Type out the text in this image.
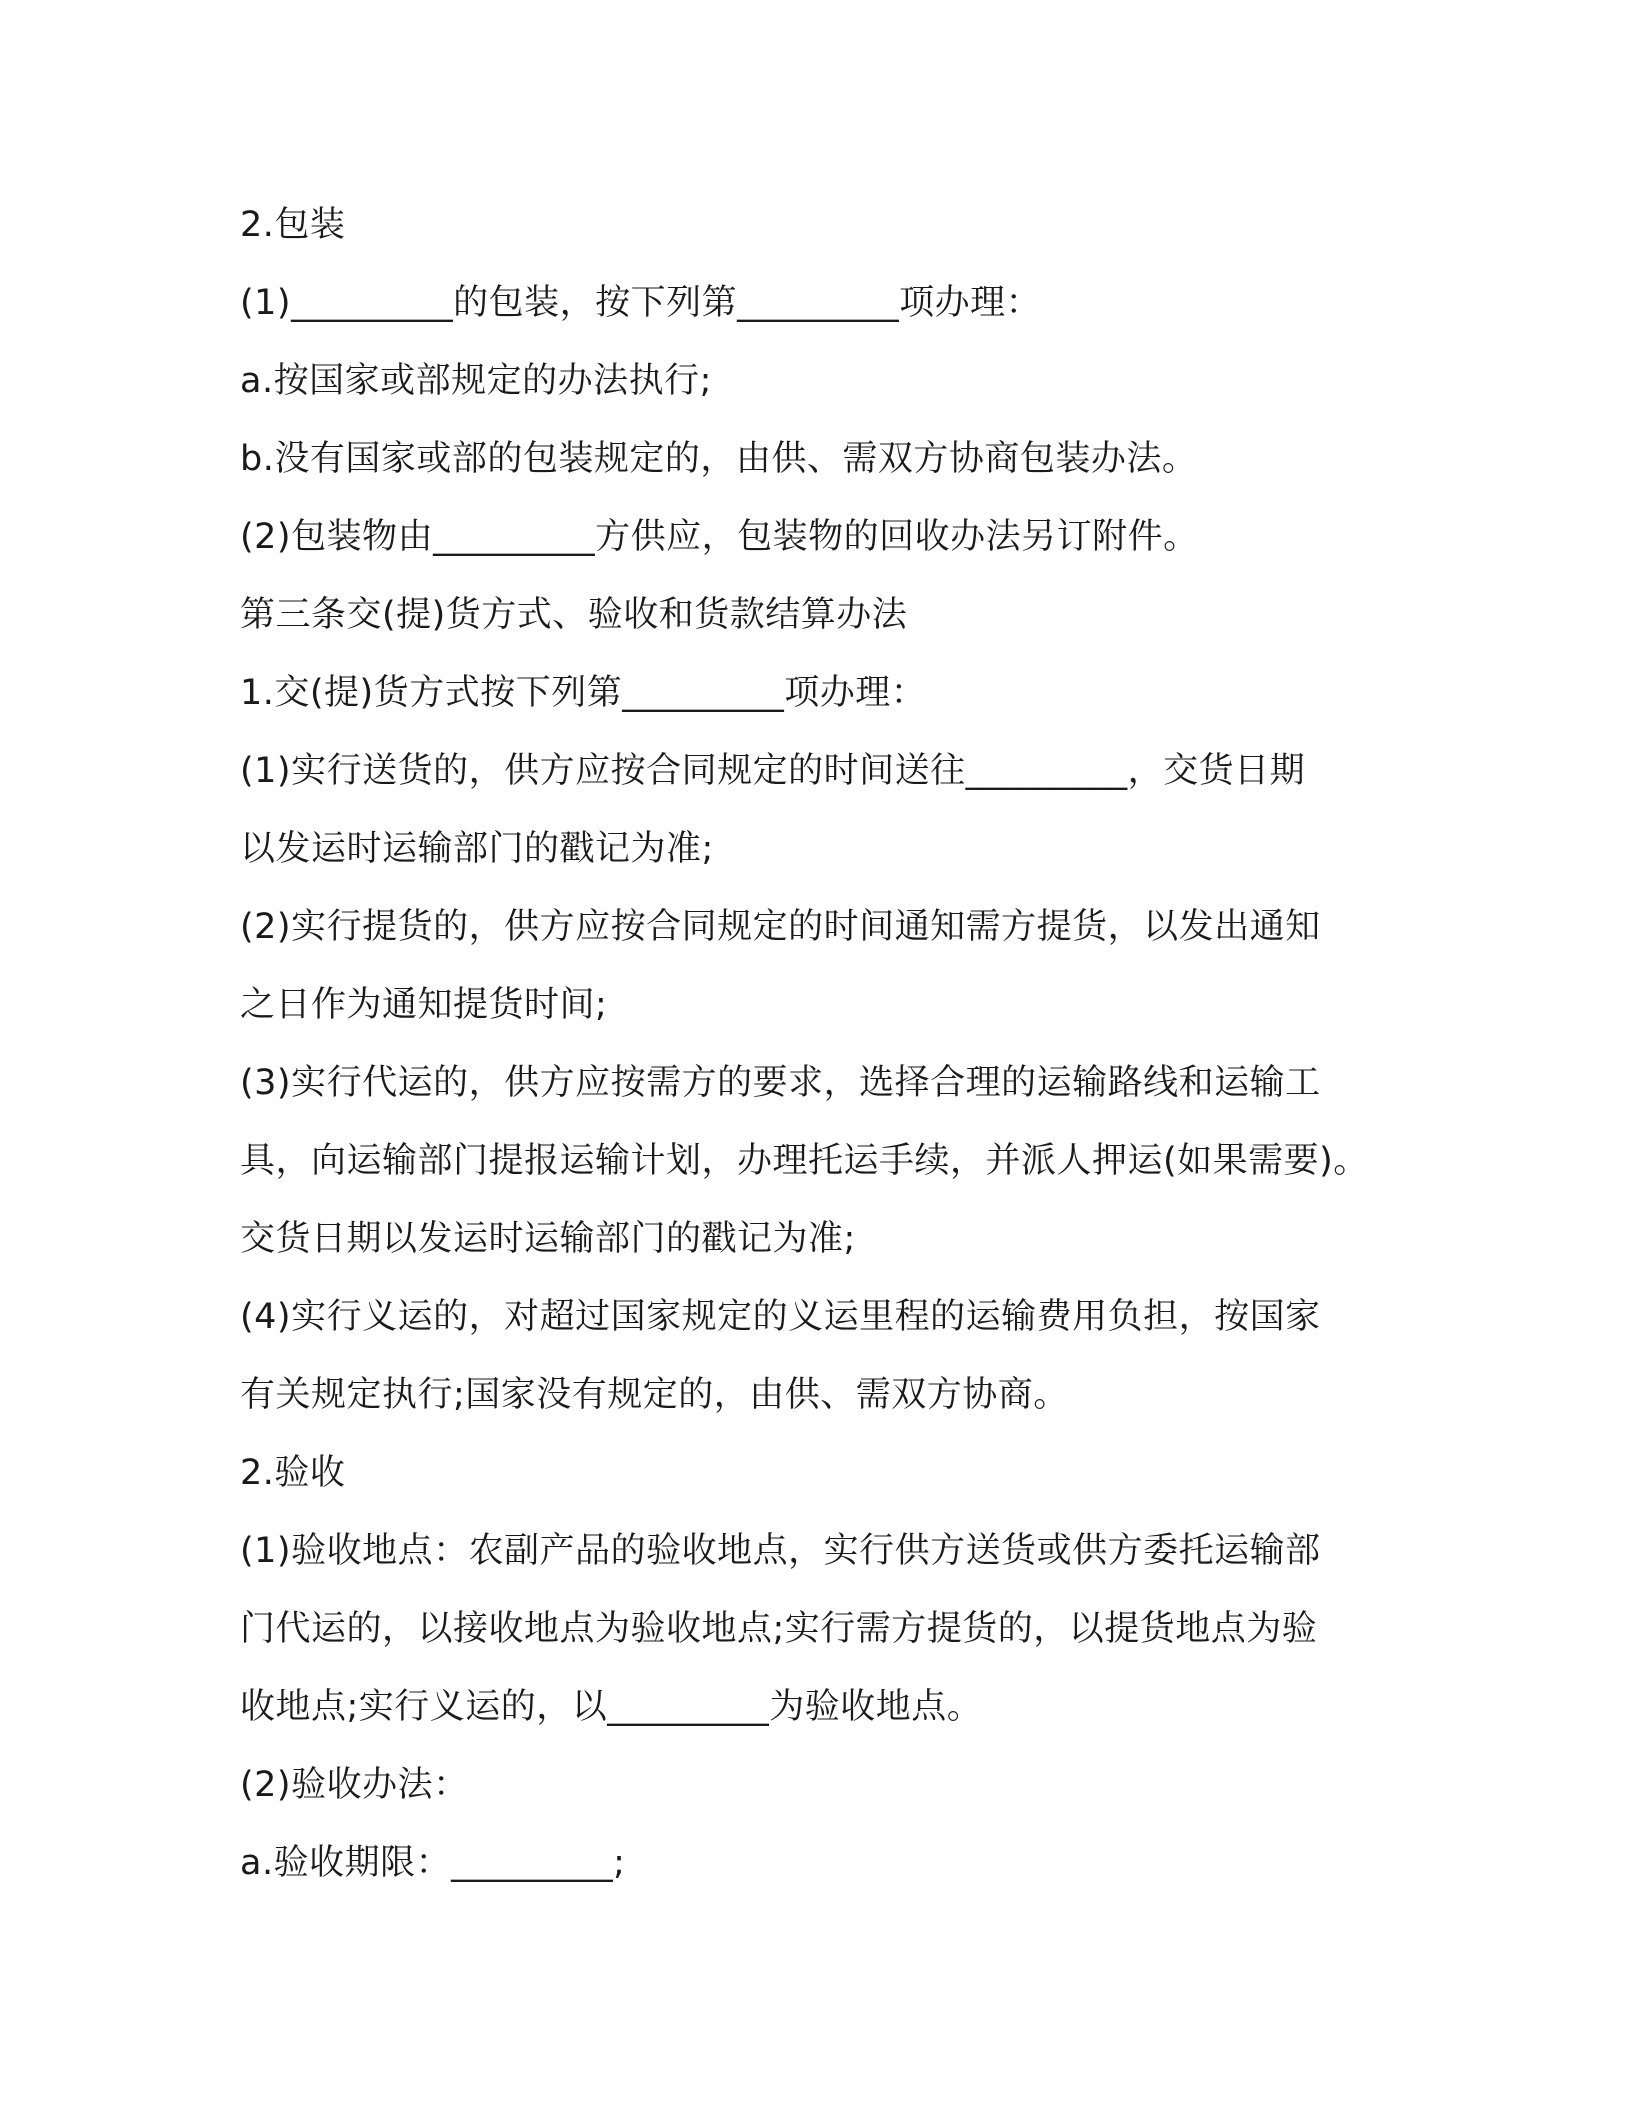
2.包装
(1)_________的包装，按下列第_________项办理：
a.按国家或部规定的办法执行;
b.没有国家或部的包装规定的，由供、需双方协商包装办法。
(2)包装物由_________方供应，包装物的回收办法另订附件。
第三条交(提)货方式、验收和货款结算办法
1.交(提)货方式按下列第_________项办理：
(1)实行送货的，供方应按合同规定的时间送往_________，交货日期
以发运时运输部门的戳记为准;
(2)实行提货的，供方应按合同规定的时间通知需方提货，以发出通知
之日作为通知提货时间;
(3)实行代运的，供方应按需方的要求，选择合理的运输路线和运输工
具，向运输部门提报运输计划，办理托运手续，并派人押运(如果需要)。
交货日期以发运时运输部门的戳记为准;
(4)实行义运的，对超过国家规定的义运里程的运输费用负担，按国家
有关规定执行;国家没有规定的，由供、需双方协商。
2.验收
(1)验收地点：农副产品的验收地点，实行供方送货或供方委托运输部
门代运的，以接收地点为验收地点;实行需方提货的，以提货地点为验
收地点;实行义运的，以_________为验收地点。
(2)验收办法：
a.验收期限：_________;
